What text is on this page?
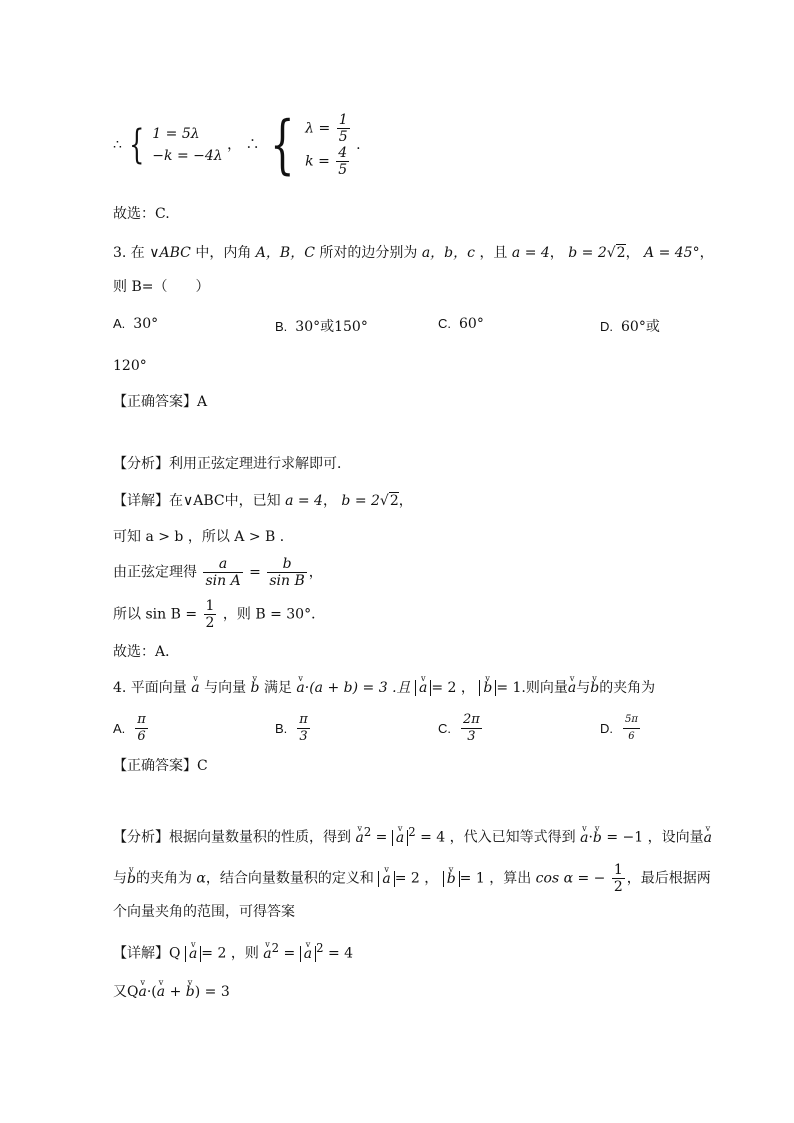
∴ { 1 = 5λ
−k = −4λ
， ∴ { $\lambda = \frac{1}{5}$
$k = \frac{4}{5}$ .
故选：C.
3. 在 ∨ABC 中，内角 A，B，C 所对的边分别为 a，b，c ，且 a = 4， b = 2√2， A = 45°，
则 B=（　　）
A. 30°	B. 30°或150°	C. 60°	D. 60°或
120°
【正确答案】A
【分析】利用正弦定理进行求解即可．
【详解】在∨ABC中，已知 a = 4， b = 2√2，
可知 a > b ，所以 A > B ．
由正弦定理得 $\frac{a}{\text{sin A}} = \frac{b}{\text{sin B}}$ ，
所以 $\sin B = \frac{1}{2}$ ，则 B = 30°．
故选：A．
4. 平面向量 v a 与向量 v b 满足 v a·(a + b) = 3 .且 v a = 2 ， v b = 1.则向量v a与v b的夹角为
A. $\frac{\pi}{6}$	B. $\frac{\pi}{3}$	C. $\frac{2\pi}{3}$	D. $\frac{5\pi}{6}$
【正确答案】C
【分析】根据向量数量积的性质，得到 v $a^2 = v$ a $^2$ = 4 ，代入已知等式得到 v a·v b = −1 ，设向量v a
与v b的夹角为 α，结合向量数量积的定义和 v a = 2 ， v b = 1 ，算出 cos α = − $\frac{1}{2}$ ，最后根据两
个向量夹角的范围，可得答案
【详解】Q v a = 2 ，则 v $a^2 = v$ a $^2$ = 4
又Qv a·(v a + v b) = 3
